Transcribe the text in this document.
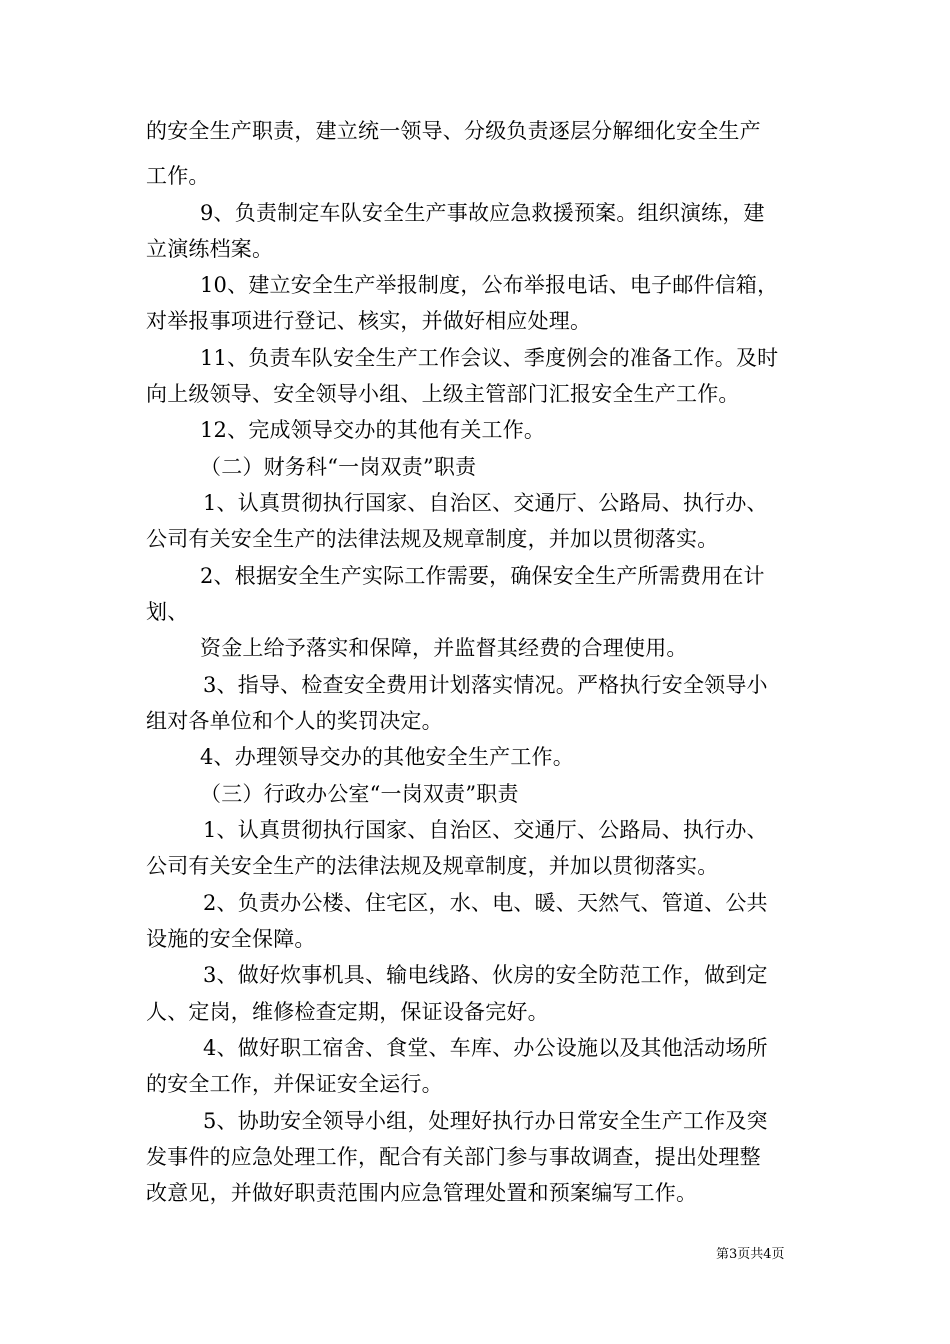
的安全生产职责，建立统一领导、分级负责逐层分解细化安全生产
工作。
9、负责制定车队安全生产事故应急救援预案。组织演练，建
立演练档案。
10、建立安全生产举报制度，公布举报电话、电子邮件信箱，
对举报事项进行登记、核实，并做好相应处理。
11、负责车队安全生产工作会议、季度例会的准备工作。及时
向上级领导、安全领导小组、上级主管部门汇报安全生产工作。
12、完成领导交办的其他有关工作。
（二）财务科“一岗双责”职责
1、认真贯彻执行国家、自治区、交通厅、公路局、执行办、
公司有关安全生产的法律法规及规章制度，并加以贯彻落实。
2、根据安全生产实际工作需要，确保安全生产所需费用在计
划、
资金上给予落实和保障，并监督其经费的合理使用。
3、指导、检查安全费用计划落实情况。严格执行安全领导小
组对各单位和个人的奖罚决定。
4、办理领导交办的其他安全生产工作。
（三）行政办公室“一岗双责”职责
1、认真贯彻执行国家、自治区、交通厅、公路局、执行办、
公司有关安全生产的法律法规及规章制度，并加以贯彻落实。
2、负责办公楼、住宅区，水、电、暖、天然气、管道、公共
设施的安全保障。
3、做好炊事机具、输电线路、伙房的安全防范工作，做到定
人、定岗，维修检查定期，保证设备完好。
4、做好职工宿舍、食堂、车库、办公设施以及其他活动场所
的安全工作，并保证安全运行。
5、协助安全领导小组，处理好执行办日常安全生产工作及突
发事件的应急处理工作，配合有关部门参与事故调查，提出处理整
改意见，并做好职责范围内应急管理处置和预案编写工作。
第3页共4页
